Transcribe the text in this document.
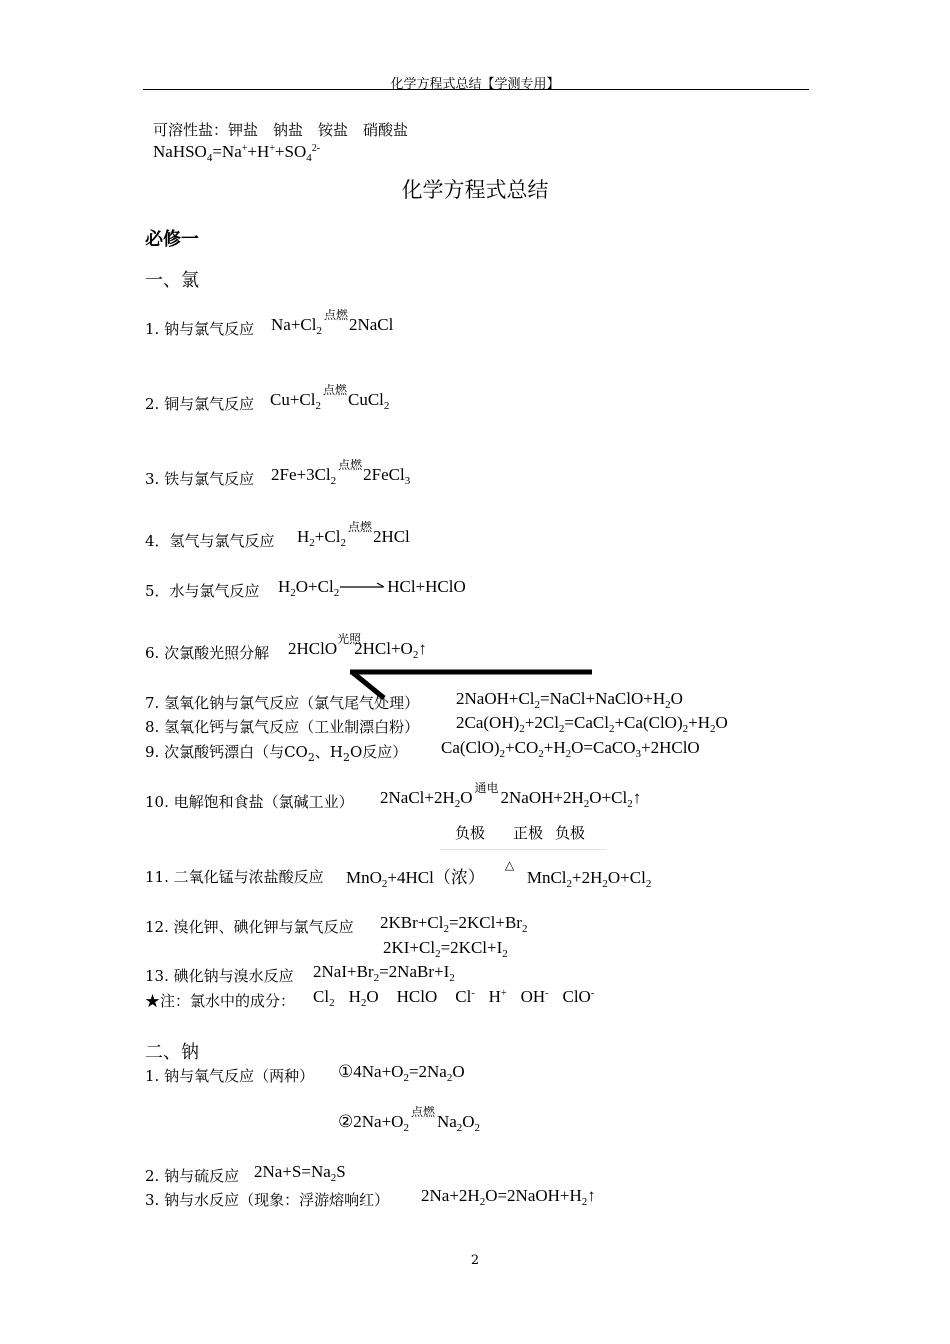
化学方程式总结【学测专用】
可溶性盐：钾盐　钠盐　铵盐　硝酸盐
$NaHSO_4=Na^++H^++SO_4^{2-}$
化学方程式总结
必修一
一、氯
1. 钠与氯气反应 $Na+Cl_2$
点燃 2NaCl
2. 铜与氯气反应 $Cu+Cl_2$
点燃 CuCl$_2$
3. 铁与氯气反应 $2Fe+3Cl_2$
点燃 2FeCl$_3$
4．氢气与氯气反应 $H_2+Cl_2$
点燃 2HCl
5．水与氯气反应 $H_2O+Cl_2$ →HCl+HClO
6. 次氯酸光照分解 2HClO 光照
$2HCl+O_2↑$
7. 氢氧化钠与氯气反应（氯气尾气处理） $2NaOH+Cl_2=NaCl+NaClO+H_2O$
8. 氢氧化钙与氯气反应（工业制漂白粉） $2Ca(OH)_2+2Cl_2=CaCl_2+Ca(ClO)_2+H_2O$
9. 次氯酸钙漂白（与$CO_2$、$H_2O$反应） $Ca(ClO)_2+CO_2+H_2O=CaCO_3+2HClO$
10. 电解饱和食盐（氯碱工业） $2NaCl+2H_2O$ 通电 $2NaOH+2H_2O+Cl_2↑$
负极 正极 负极
11. 二氧化锰与浓盐酸反应 MnO$_2$+4HCl（浓）
△
$MnCl_2+2H_2O+Cl_2$
12. 溴化钾、碘化钾与氯气反应 $2KBr+Cl_2=2KCl+Br_2$
$2KI+Cl_2=2KCl+I_2$
13. 碘化钠与溴水反应 $2NaI+Br_2=2NaBr+I_2$
★注：氯水中的成分： $Cl_2$ $H_2O$ HClO Cl- H+ OH- ClO-
二、钠
1. 钠与氧气反应（两种） $①4Na+O_2=2Na_2O$
$②2Na+O_2$
点燃 $Na_2O_2$
2. 钠与硫反应 $2Na+S=Na_2S$
3. 钠与水反应（现象：浮游熔响红） $2Na+2H_2O=2NaOH+H_2↑$
2
